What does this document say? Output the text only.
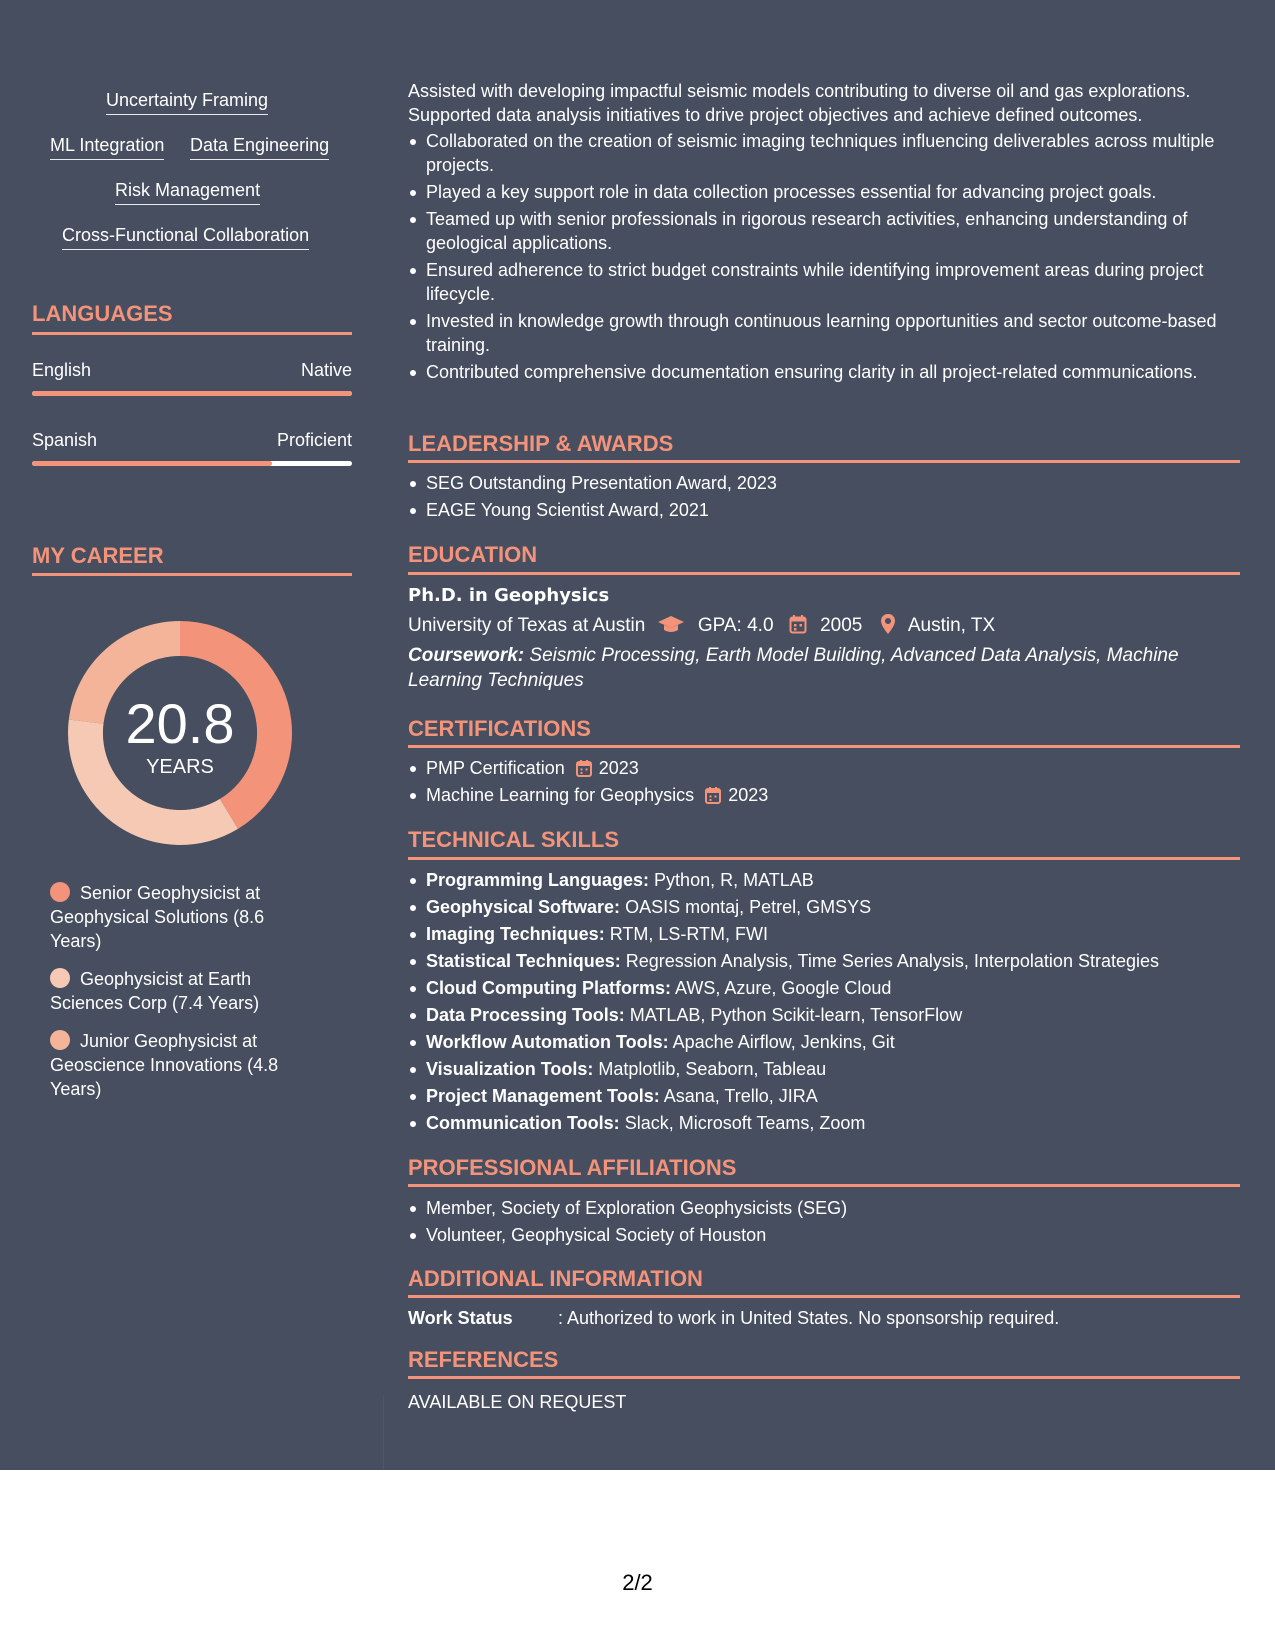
Uncertainty Framing
ML Integration Data Engineering
Risk Management
Cross-Functional Collaboration
LANGUAGES
English	Native
Spanish	Proficient
MY CAREER
20.8
YEARS
Senior Geophysicist at Geophysical Solutions (8.6 Years)
Geophysicist at Earth Sciences Corp (7.4 Years)
Junior Geophysicist at Geoscience Innovations (4.8 Years)
Assisted with developing impactful seismic models contributing to diverse oil and gas explorations. Supported data analysis initiatives to drive project objectives and achieve defined outcomes.
Collaborated on the creation of seismic imaging techniques influencing deliverables across multiple projects.
Played a key support role in data collection processes essential for advancing project goals.
Teamed up with senior professionals in rigorous research activities, enhancing understanding of geological applications.
Ensured adherence to strict budget constraints while identifying improvement areas during project lifecycle.
Invested in knowledge growth through continuous learning opportunities and sector outcome-based training.
Contributed comprehensive documentation ensuring clarity in all project-related communications.
LEADERSHIP & AWARDS
SEG Outstanding Presentation Award, 2023
EAGE Young Scientist Award, 2021
EDUCATION
Ph.D. in Geophysics
University of Texas at Austin	GPA: 4.0 2005 Austin, TX
Coursework: Seismic Processing, Earth Model Building, Advanced Data Analysis, Machine Learning Techniques
CERTIFICATIONS
PMP Certification 2023
Machine Learning for Geophysics 2023
TECHNICAL SKILLS
Programming Languages: Python, R, MATLAB
Geophysical Software: OASIS montaj, Petrel, GMSYS
Imaging Techniques: RTM, LS-RTM, FWI
Statistical Techniques: Regression Analysis, Time Series Analysis, Interpolation Strategies
Cloud Computing Platforms: AWS, Azure, Google Cloud
Data Processing Tools: MATLAB, Python Scikit-learn, TensorFlow
Workflow Automation Tools: Apache Airflow, Jenkins, Git
Visualization Tools: Matplotlib, Seaborn, Tableau
Project Management Tools: Asana, Trello, JIRA
Communication Tools: Slack, Microsoft Teams, Zoom
PROFESSIONAL AFFILIATIONS
Member, Society of Exploration Geophysicists (SEG)
Volunteer, Geophysical Society of Houston
ADDITIONAL INFORMATION
Work Status	: Authorized to work in United States. No sponsorship required.
REFERENCES
AVAILABLE ON REQUEST
2/2
